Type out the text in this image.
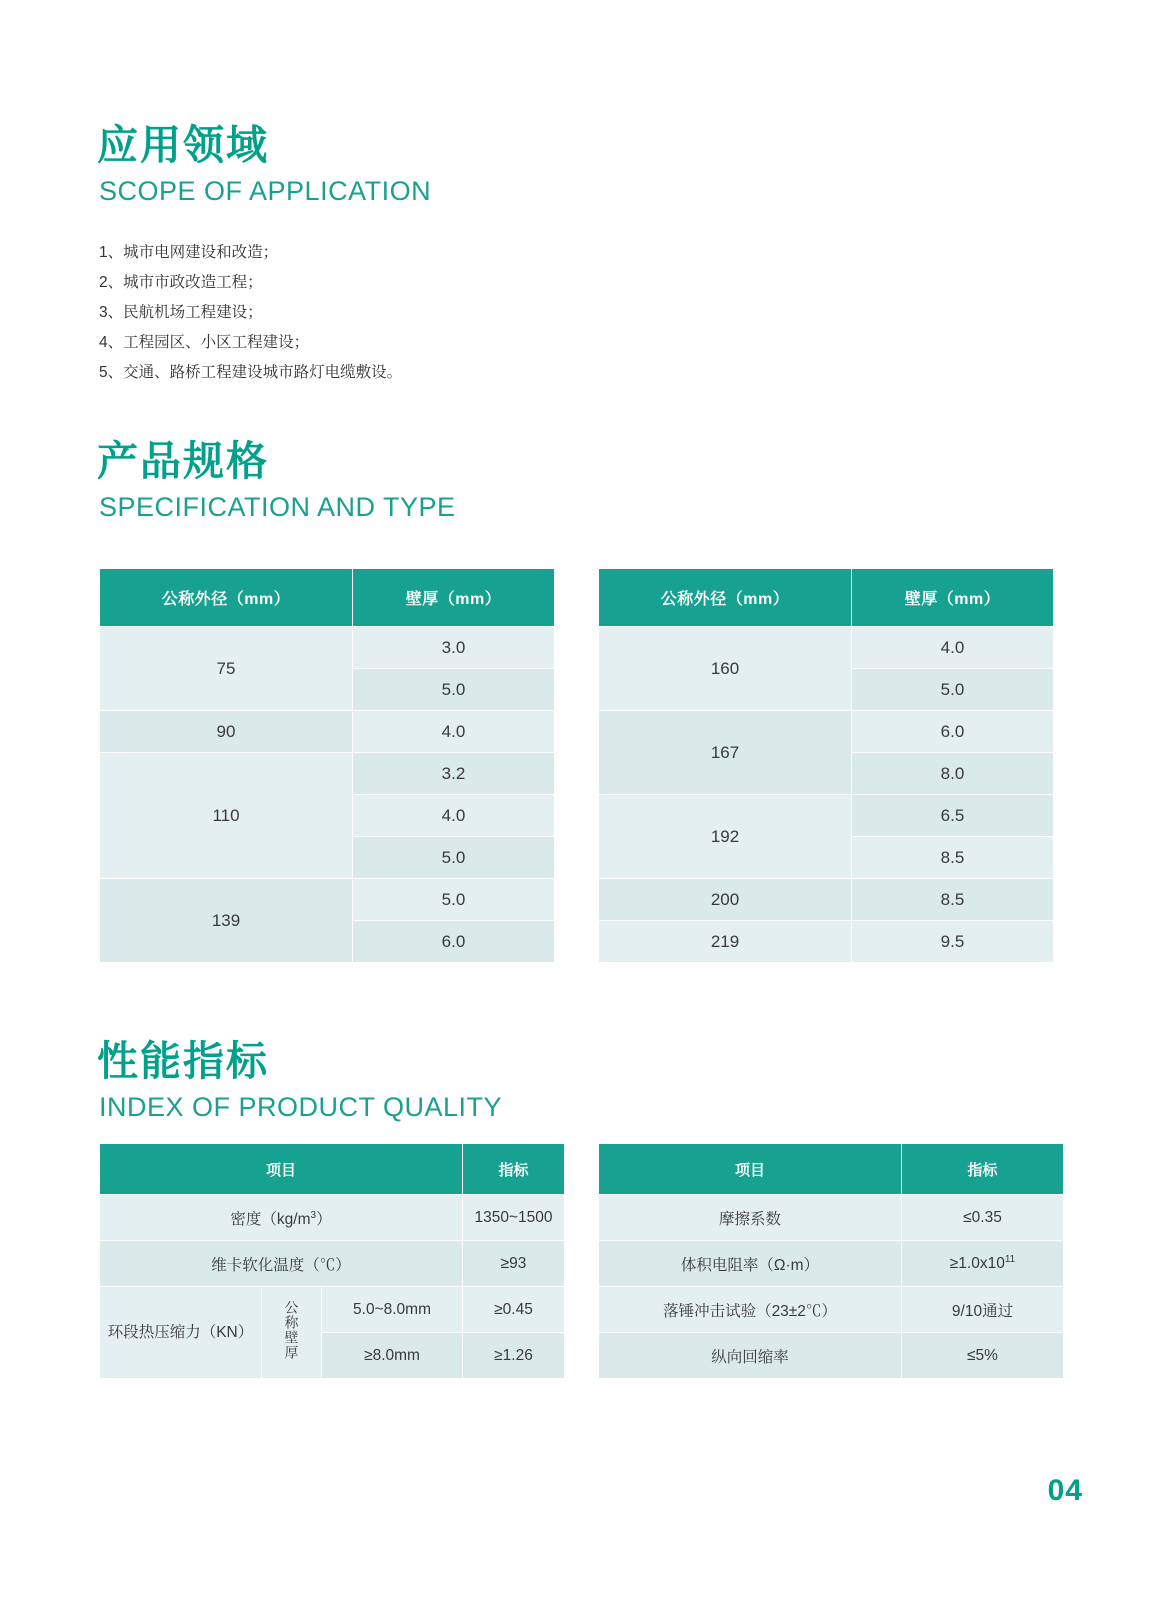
应用领域
SCOPE OF APPLICATION
1、城市电网建设和改造；
2、城市市政改造工程；
3、民航机场工程建设；
4、工程园区、小区工程建设；
5、交通、路桥工程建设城市路灯电缆敷设。
产品规格
SPECIFICATION AND TYPE
公称外径（mm）	壁厚（mm）
75	3.0
	5.0
90	4.0
110	3.2
	4.0
	5.0
139	5.0
	6.0
公称外径（mm）	壁厚（mm）
160	4.0
	5.0
167	6.0
	8.0
192	6.5
	8.5
200	8.5
219	9.5
性能指标
INDEX OF PRODUCT QUALITY
项目			指标
密度$(kg/m^3)$			1350~1500
维卡软化温度（℃）			≥93
环段热压缩力（KN）	公称壁厚	5.0~8.0mm	≥0.45
		≥8.0mm	≥1.26
项目	指标
摩擦系数	≤0.35
体积电阻率（Ω·m）	$\ge 1.0x10^{11}$
落锤冲击试验（23±2℃）	9/10通过
纵向回缩率	≤5%
04
